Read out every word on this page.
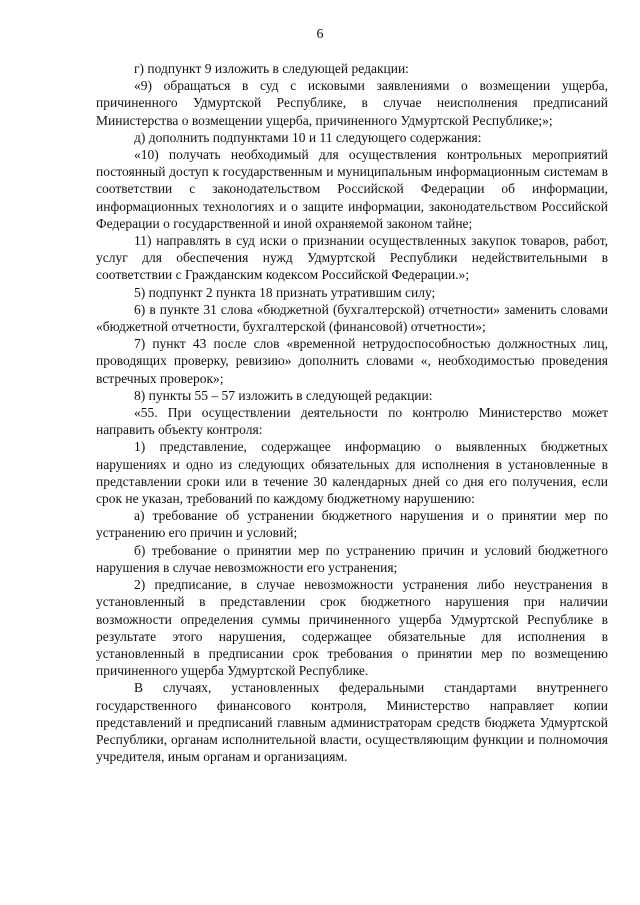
6

г) подпункт 9 изложить в следующей редакции:

«9) обращаться в суд с исковыми заявлениями о возмещении ущерба, причиненного Удмуртской Республике, в случае неисполнения предписаний Министерства о возмещении ущерба, причиненного Удмуртской Республике;»;

д) дополнить подпунктами 10 и 11 следующего содержания:

«10) получать необходимый для осуществления контрольных мероприятий постоянный доступ к государственным и муниципальным информационным системам в соответствии с законодательством Российской Федерации об информации, информационных технологиях и о защите информации, законодательством Российской Федерации о государственной и иной охраняемой законом тайне;

11) направлять в суд иски о признании осуществленных закупок товаров, работ, услуг для обеспечения нужд Удмуртской Республики недействительными в соответствии с Гражданским кодексом Российской Федерации.»;

5) подпункт 2 пункта 18 признать утратившим силу;

6) в пункте 31 слова «бюджетной (бухгалтерской) отчетности» заменить словами «бюджетной отчетности, бухгалтерской (финансовой) отчетности»;

7) пункт 43 после слов «временной нетрудоспособностью должностных лиц, проводящих проверку, ревизию» дополнить словами «, необходимостью проведения встречных проверок»;

8) пункты 55 – 57 изложить в следующей редакции:

«55. При осуществлении деятельности по контролю Министерство может направить объекту контроля:

1) представление, содержащее информацию о выявленных бюджетных нарушениях и одно из следующих обязательных для исполнения в установленные в представлении сроки или в течение 30 календарных дней со дня его получения, если срок не указан, требований по каждому бюджетному нарушению:

а) требование об устранении бюджетного нарушения и о принятии мер по устранению его причин и условий;

б) требование о принятии мер по устранению причин и условий бюджетного нарушения в случае невозможности его устранения;

2) предписание, в случае невозможности устранения либо неустранения в установленный в представлении срок бюджетного нарушения при наличии возможности определения суммы причиненного ущерба Удмуртской Республике в результате этого нарушения, содержащее обязательные для исполнения в установленный в предписании срок требования о принятии мер по возмещению причиненного ущерба Удмуртской Республике.

В случаях, установленных федеральными стандартами внутреннего государственного финансового контроля, Министерство направляет копии представлений и предписаний главным администраторам средств бюджета Удмуртской Республики, органам исполнительной власти, осуществляющим функции и полномочия учредителя, иным органам и организациям.
